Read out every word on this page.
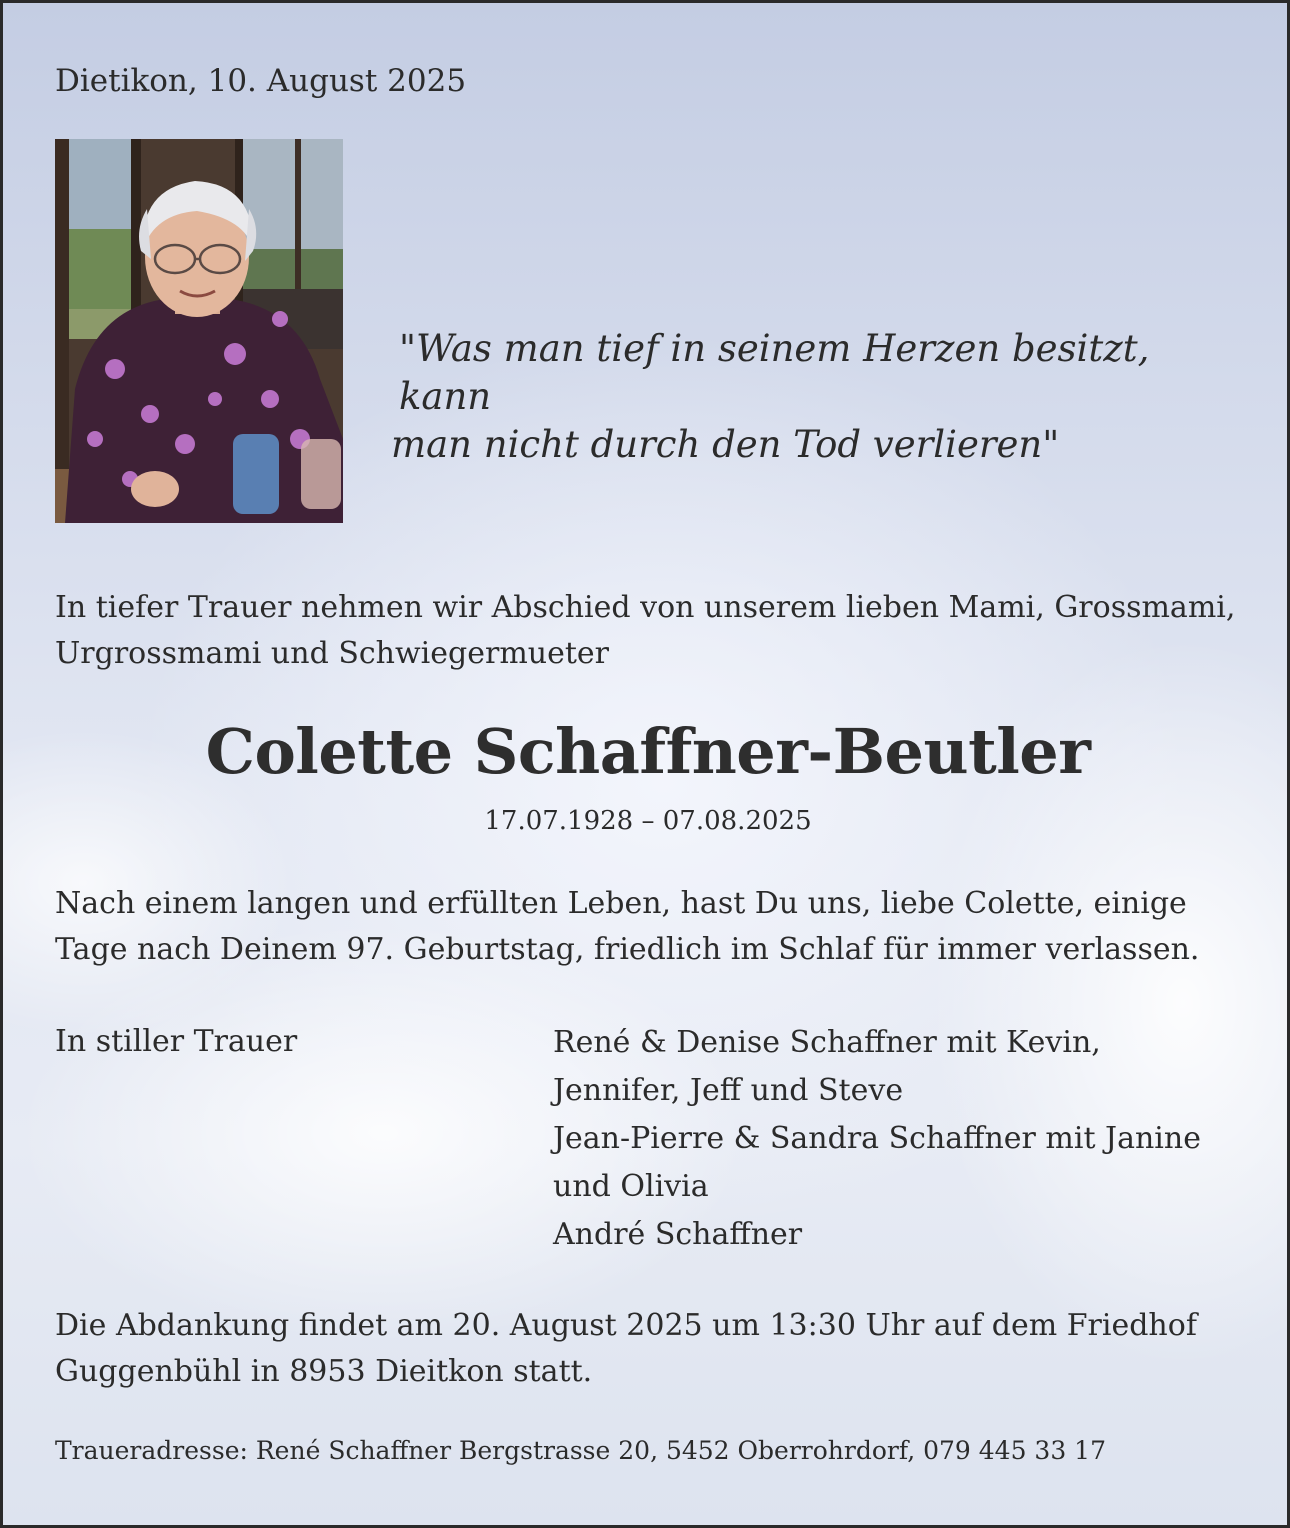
Dietikon, 10. August 2025

"Was man tief in seinem Herzen besitzt, kann
man nicht durch den Tod verlieren"

In tiefer Trauer nehmen wir Abschied von unserem lieben Mami, Grossmami,
Urgrossmami und Schwiegermueter
Colette Schaffner-Beutler

17.07.1928 – 07.08.2025

Nach einem langen und erfüllten Leben, hast Du uns, liebe Colette, einige
Tage nach Deinem 97. Geburtstag, friedlich im Schlaf für immer verlassen.

In stiller Trauer	René & Denise Schaffner mit Kevin,
Jennifer, Jeff und Steve
Jean-Pierre & Sandra Schaffner mit Janine
und Olivia
André Schaffner
Die Abdankung findet am 20. August 2025 um 13:30 Uhr auf dem Friedhof
Guggenbühl in 8953 Dieitkon statt.

Traueradresse: René Schaffner Bergstrasse 20, 5452 Oberrohrdorf, 079 445 33 17
